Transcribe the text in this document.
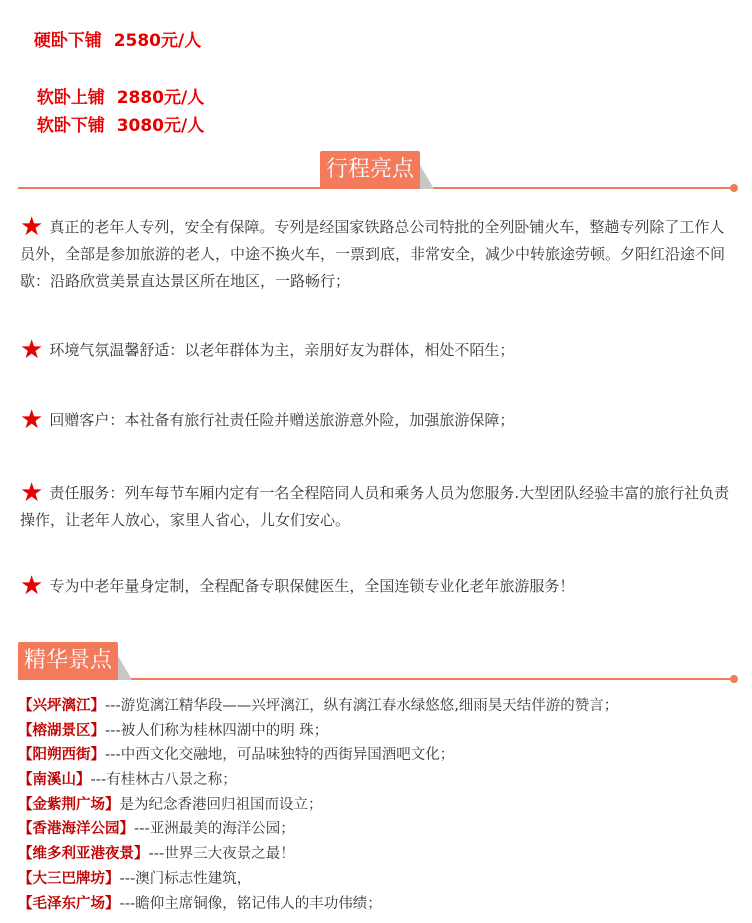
硬卧下铺 2580元/人

软卧上铺 2880元/人

软卧下铺 3080元/人

行程亮点
★ 真正的老年人专列，安全有保障。专列是经国家铁路总公司特批的全列卧铺火车，整趟专列除了工作人员外，全部是参加旅游的老人，中途不换火车，一票到底，非常安全，减少中转旅途劳顿。夕阳红沿途不间歇：沿路欣赏美景直达景区所在地区，一路畅行；
★ 环境气氛温馨舒适：以老年群体为主，亲朋好友为群体，相处不陌生；
★ 回赠客户：本社备有旅行社责任险并赠送旅游意外险，加强旅游保障；
★ 责任服务：列车每节车厢内定有一名全程陪同人员和乘务人员为您服务.大型团队经验丰富的旅行社负责操作，让老年人放心，家里人省心，儿女们安心。
★ 专为中老年量身定制，全程配备专职保健医生，全国连锁专业化老年旅游服务！
精华景点
【兴坪漓江】---游览漓江精华段——兴坪漓江，纵有漓江春水绿悠悠,细雨昊天结伴游的赞言；
【榕湖景区】---被人们称为桂林四湖中的明 珠；
【阳朔西街】---中西文化交融地，可品味独特的西街异国酒吧文化；
【南溪山】---有桂林古八景之称；
【金紫荆广场】是为纪念香港回归祖国而设立；
【香港海洋公园】---亚洲最美的海洋公园；
【维多利亚港夜景】---世界三大夜景之最！
【大三巴牌坊】---澳门标志性建筑，
【毛泽东广场】---瞻仰主席铜像，铭记伟人的丰功伟绩；
